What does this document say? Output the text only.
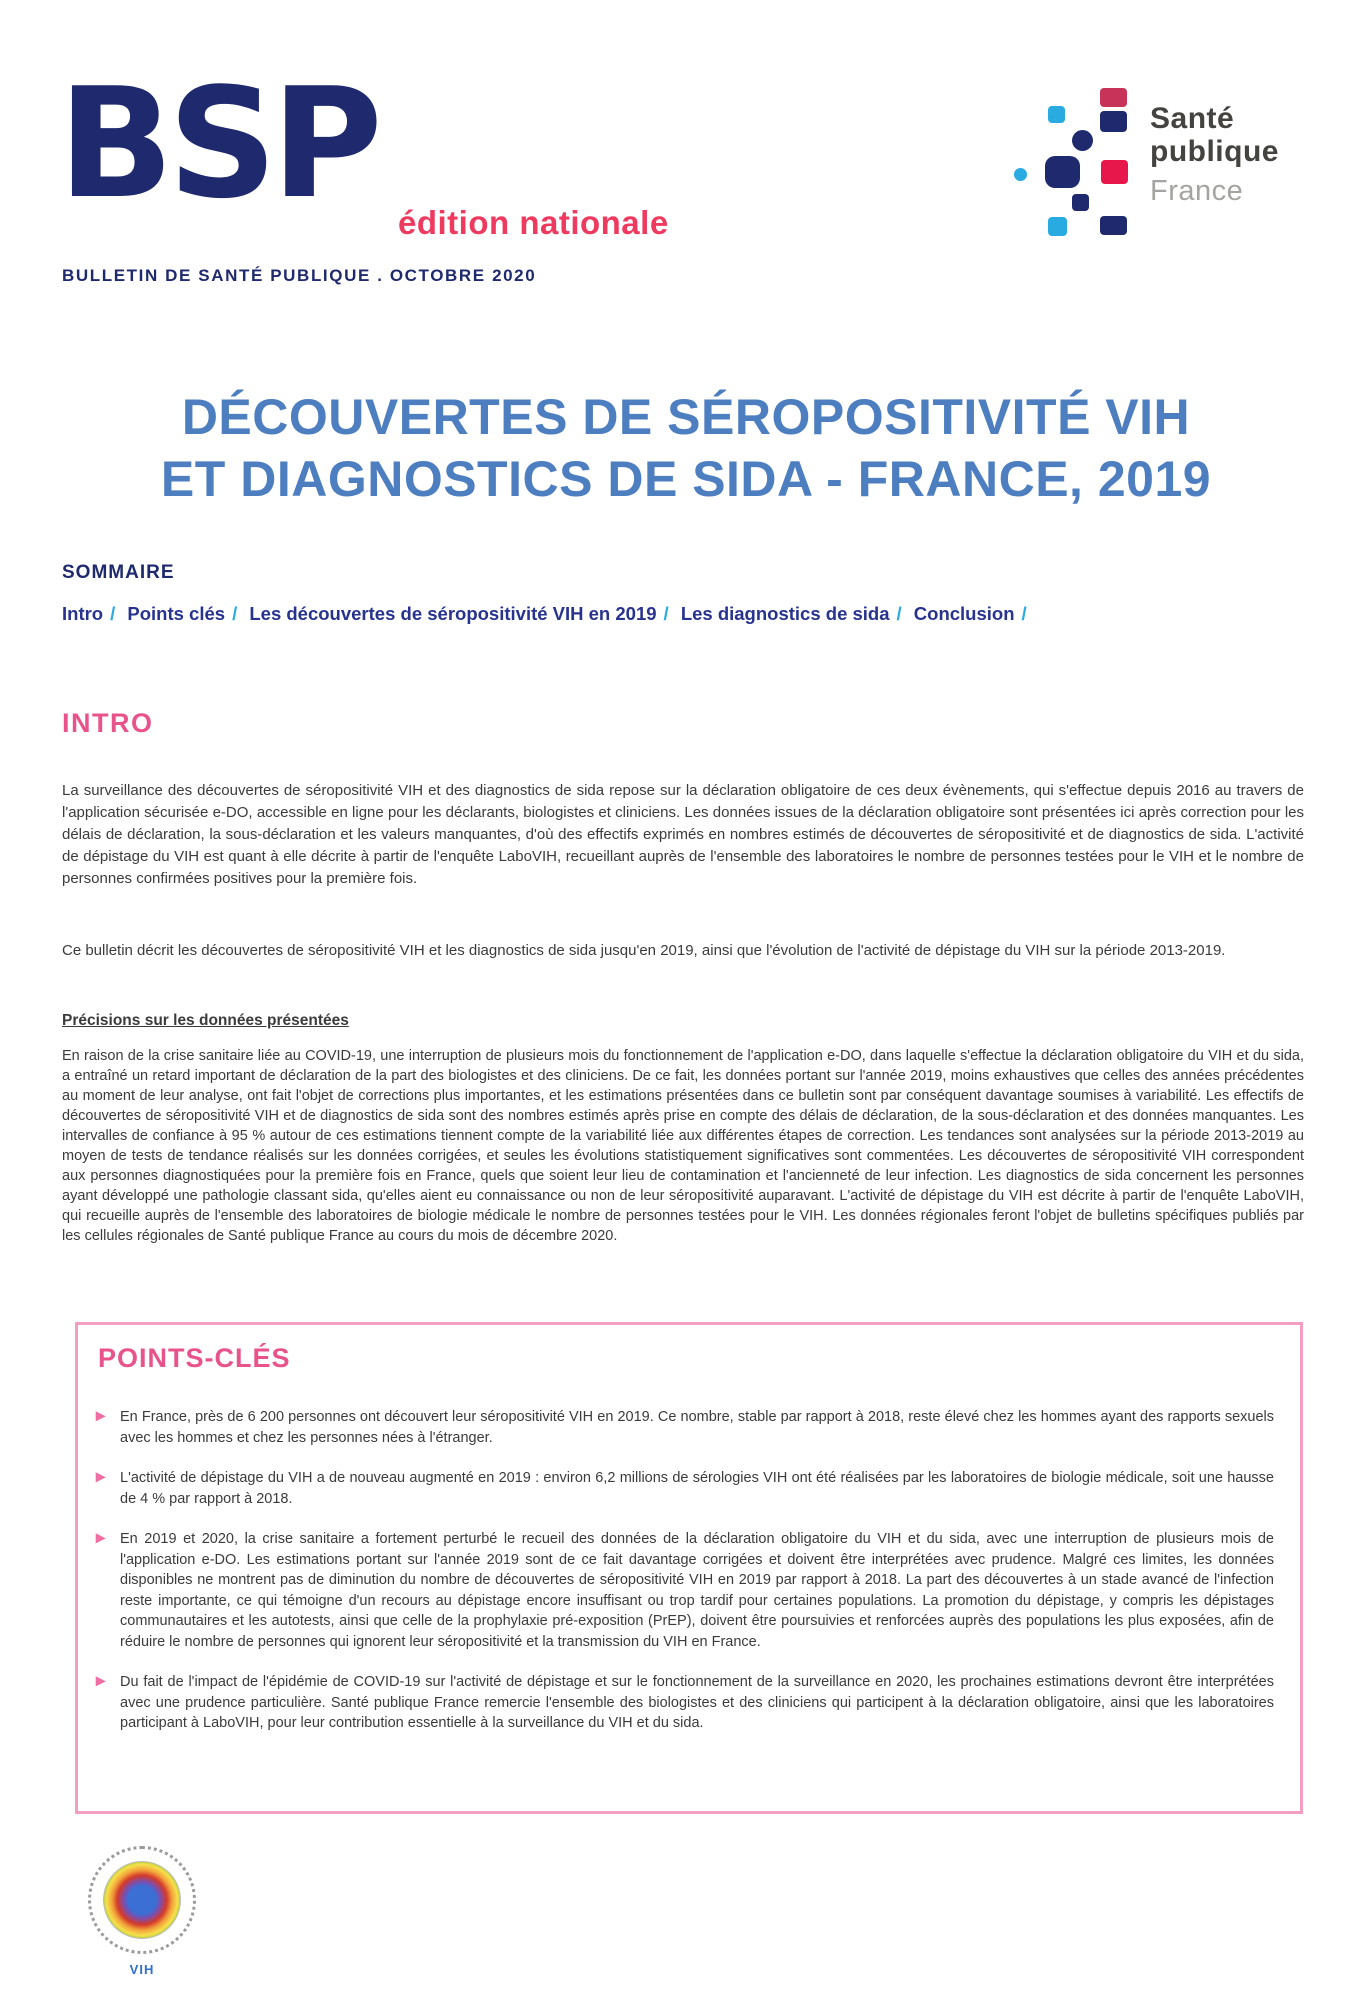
BSP édition nationale
BULLETIN DE SANTÉ PUBLIQUE . OCTOBRE 2020
Santé
publique
France
DÉCOUVERTES DE SÉROPOSITIVITÉ VIH
ET DIAGNOSTICS DE SIDA - FRANCE, 2019
SOMMAIRE
Intro / Points clés / Les découvertes de séropositivité VIH en 2019 / Les diagnostics de sida / Conclusion /
INTRO

La surveillance des découvertes de séropositivité VIH et des diagnostics de sida repose sur la déclaration obligatoire de ces deux évènements, qui s'effectue depuis 2016 au travers de l'application sécurisée e-DO, accessible en ligne pour les déclarants, biologistes et cliniciens. Les données issues de la déclaration obligatoire sont présentées ici après correction pour les délais de déclaration, la sous-déclaration et les valeurs manquantes, d'où des effectifs exprimés en nombres estimés de découvertes de séropositivité et de diagnostics de sida. L'activité de dépistage du VIH est quant à elle décrite à partir de l'enquête LaboVIH, recueillant auprès de l'ensemble des laboratoires le nombre de personnes testées pour le VIH et le nombre de personnes confirmées positives pour la première fois.

Ce bulletin décrit les découvertes de séropositivité VIH et les diagnostics de sida jusqu'en 2019, ainsi que l'évolution de l'activité de dépistage du VIH sur la période 2013-2019.

Précisions sur les données présentées

En raison de la crise sanitaire liée au COVID-19, une interruption de plusieurs mois du fonctionnement de l'application e-DO, dans laquelle s'effectue la déclaration obligatoire du VIH et du sida, a entraîné un retard important de déclaration de la part des biologistes et des cliniciens. De ce fait, les données portant sur l'année 2019, moins exhaustives que celles des années précédentes au moment de leur analyse, ont fait l'objet de corrections plus importantes, et les estimations présentées dans ce bulletin sont par conséquent davantage soumises à variabilité. Les effectifs de découvertes de séropositivité VIH et de diagnostics de sida sont des nombres estimés après prise en compte des délais de déclaration, de la sous-déclaration et des données manquantes. Les intervalles de confiance à 95 % autour de ces estimations tiennent compte de la variabilité liée aux différentes étapes de correction. Les tendances sont analysées sur la période 2013-2019 au moyen de tests de tendance réalisés sur les données corrigées, et seules les évolutions statistiquement significatives sont commentées. Les découvertes de séropositivité VIH correspondent aux personnes diagnostiquées pour la première fois en France, quels que soient leur lieu de contamination et l'ancienneté de leur infection. Les diagnostics de sida concernent les personnes ayant développé une pathologie classant sida, qu'elles aient eu connaissance ou non de leur séropositivité auparavant. L'activité de dépistage du VIH est décrite à partir de l'enquête LaboVIH, qui recueille auprès de l'ensemble des laboratoires de biologie médicale le nombre de personnes testées pour le VIH. Les données régionales feront l'objet de bulletins spécifiques publiés par les cellules régionales de Santé publique France au cours du mois de décembre 2020.

POINTS-CLÉS
▸ En France, près de 6 200 personnes ont découvert leur séropositivité VIH en 2019. Ce nombre, stable par rapport à 2018, reste élevé chez les hommes ayant des rapports sexuels avec les hommes et chez les personnes nées à l'étranger.
▸ L'activité de dépistage du VIH a de nouveau augmenté en 2019 : environ 6,2 millions de sérologies VIH ont été réalisées par les laboratoires de biologie médicale, soit une hausse de 4 % par rapport à 2018.
▸ En 2019 et 2020, la crise sanitaire a fortement perturbé le recueil des données de la déclaration obligatoire du VIH et du sida, avec une interruption de plusieurs mois de l'application e-DO. Les estimations portant sur l'année 2019 sont de ce fait davantage corrigées et doivent être interprétées avec prudence. Malgré ces limites, les données disponibles ne montrent pas de diminution du nombre de découvertes de séropositivité VIH en 2019 par rapport à 2018. La part des découvertes à un stade avancé de l'infection reste importante, ce qui témoigne d'un recours au dépistage encore insuffisant ou trop tardif pour certaines populations. La promotion du dépistage, y compris les dépistages communautaires et les autotests, ainsi que celle de la prophylaxie pré-exposition (PrEP), doivent être poursuivies et renforcées auprès des populations les plus exposées, afin de réduire le nombre de personnes qui ignorent leur séropositivité et la transmission du VIH en France.
▸ Du fait de l'impact de l'épidémie de COVID-19 sur l'activité de dépistage et sur le fonctionnement de la surveillance en 2020, les prochaines estimations devront être interprétées avec une prudence particulière. Santé publique France remercie l'ensemble des biologistes et des cliniciens qui participent à la déclaration obligatoire, ainsi que les laboratoires participant à LaboVIH, pour leur contribution essentielle à la surveillance du VIH et du sida.
VIH
